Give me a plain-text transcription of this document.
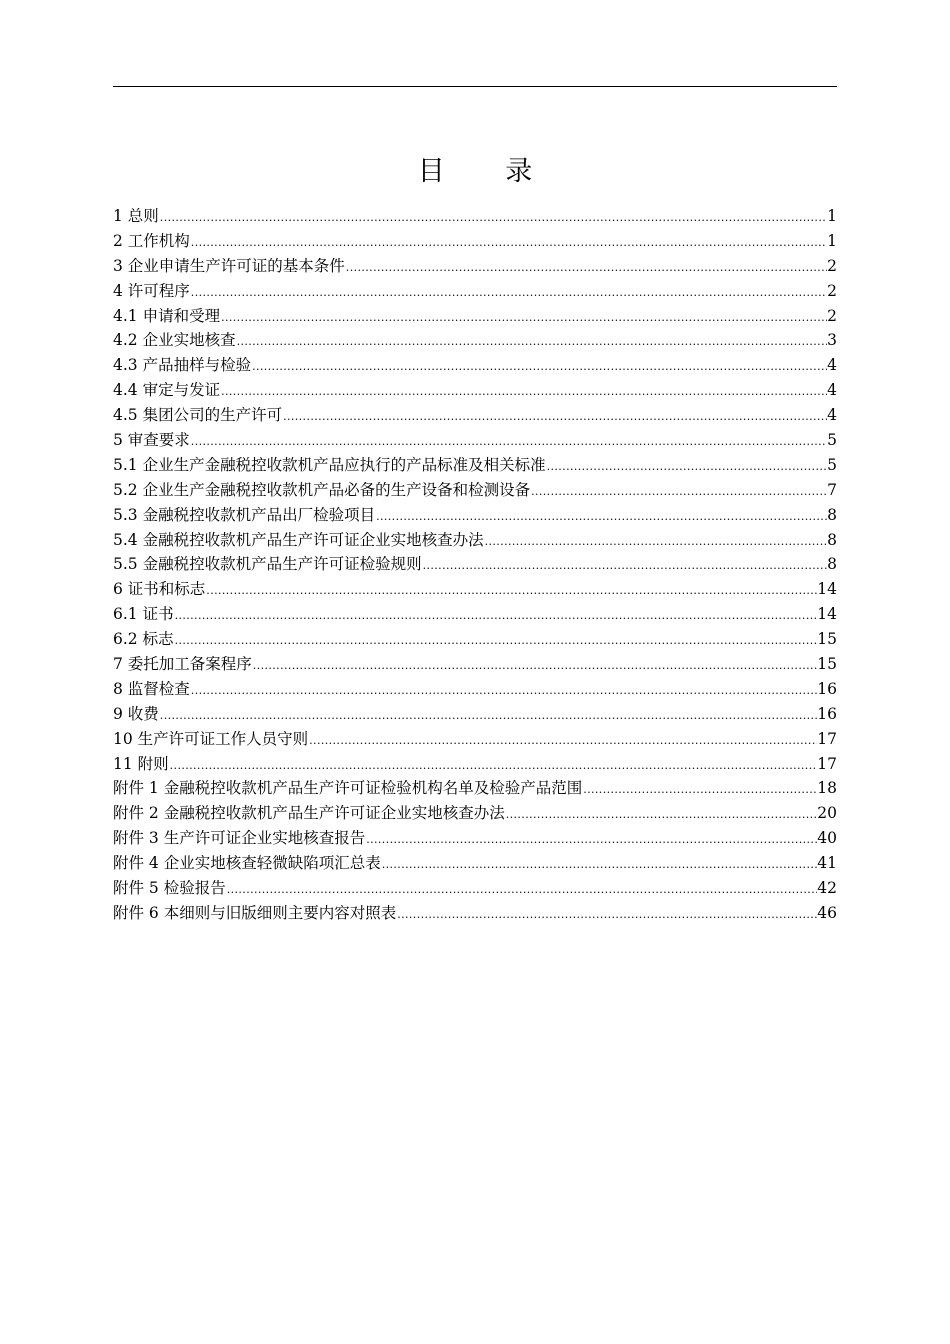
目 录
1 总则 .....	1
2 工作机构 .....	1
3 企业申请生产许可证的基本条件 .....	2
4 许可程序 .....	2
4.1 申请和受理 .....	2
4.2 企业实地核查 .....	3
4.3 产品抽样与检验 .....	4
4.4 审定与发证 .....	4
4.5 集团公司的生产许可 .....	4
5 审查要求 .....	5
5.1 企业生产金融税控收款机产品应执行的产品标准及相关标准 .....	5
5.2 企业生产金融税控收款机产品必备的生产设备和检测设备 .....	7
5.3 金融税控收款机产品出厂检验项目 .....	8
5.4 金融税控收款机产品生产许可证企业实地核查办法 .....	8
5.5 金融税控收款机产品生产许可证检验规则 .....	8
6 证书和标志 .....	14
6.1 证书 .....	14
6.2 标志 .....	15
7 委托加工备案程序 .....	15
8 监督检查 .....	16
9 收费 .....	16
10 生产许可证工作人员守则 .....	17
11 附则 .....	17
附件 1 金融税控收款机产品生产许可证检验机构名单及检验产品范围 .....	18
附件 2 金融税控收款机产品生产许可证企业实地核查办法 .....	20
附件 3 生产许可证企业实地核查报告 .....	40
附件 4 企业实地核查轻微缺陷项汇总表 .....	41
附件 5 检验报告 .....	42
附件 6 本细则与旧版细则主要内容对照表 .....	46
